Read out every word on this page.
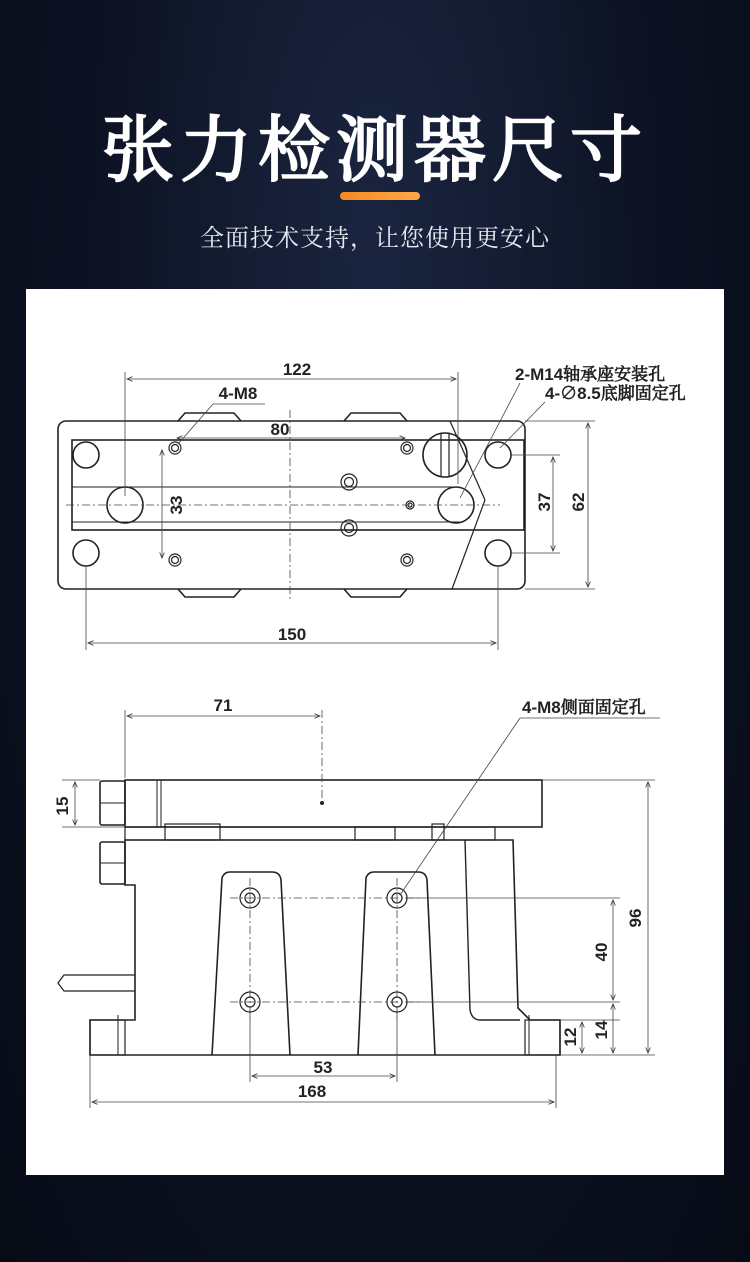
张力检测器尺寸
全面技术支持，让您使用更安心
122
4-M8
80
33	37 62
150
2-M14轴承座安装孔
4-∅8.5底脚固定孔
71	4-M8侧面固定孔
15
96
40
14
12
53
168
